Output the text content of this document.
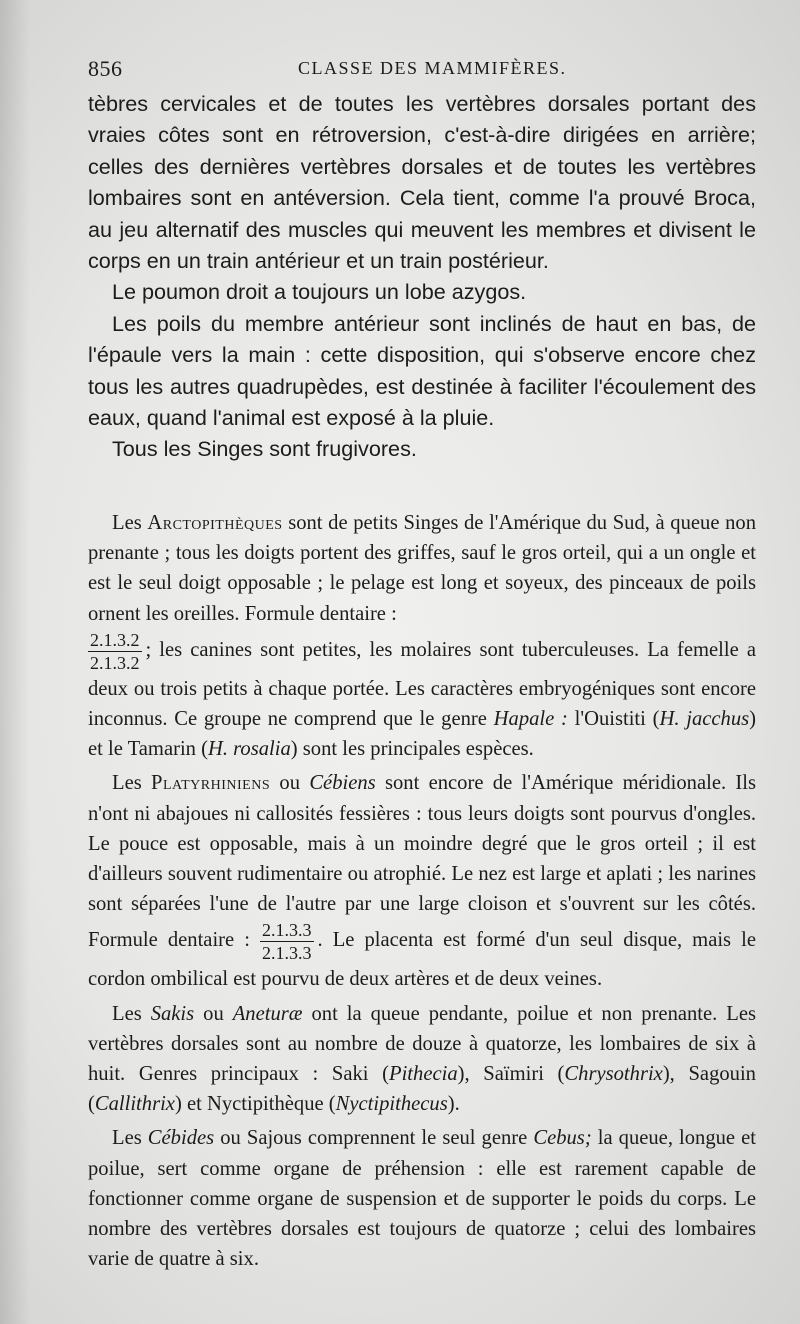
856	CLASSE DES MAMMIFÈRES.

tèbres cervicales et de toutes les vertèbres dorsales portant des vraies côtes sont en rétroversion, c'est-à-dire dirigées en arrière; celles des dernières vertèbres dorsales et de toutes les vertèbres lombaires sont en antéversion. Cela tient, comme l'a prouvé Broca, au jeu alternatif des muscles qui meuvent les membres et divisent le corps en un train antérieur et un train postérieur.

Le poumon droit a toujours un lobe azygos.

Les poils du membre antérieur sont inclinés de haut en bas, de l'épaule vers la main : cette disposition, qui s'observe encore chez tous les autres quadrupèdes, est destinée à faciliter l'écoulement des eaux, quand l'animal est exposé à la pluie.

Tous les Singes sont frugivores.

Les Arctopithèques sont de petits Singes de l'Amérique du Sud, à queue non prenante ; tous les doigts portent des griffes, sauf le gros orteil, qui a un ongle et est le seul doigt opposable ; le pelage est long et soyeux, des pinceaux de poils ornent les oreilles. Formule dentaire :

$\frac{2.1.3.2}{2.1.3.2}$ ; les canines sont petites, les molaires sont tuberculeuses. La femelle a deux ou trois petits à chaque portée. Les caractères embryogéniques sont encore inconnus. Ce groupe ne comprend que le genre Hapale : l'Ouistiti (H. jacchus) et le Tamarin (H. rosalia) sont les principales espèces.

Les Platyrhiniens ou Cébiens sont encore de l'Amérique méridionale. Ils n'ont ni abajoues ni callosités fessières : tous leurs doigts sont pourvus d'ongles. Le pouce est opposable, mais à un moindre degré que le gros orteil ; il est d'ailleurs souvent rudimentaire ou atrophié. Le nez est large et aplati ; les narines sont séparées l'une de l'autre par une large cloison et s'ouvrent sur les côtés. Formule dentaire : $\frac{2.1.3.3}{2.1.3.3}$ . Le placenta est formé d'un seul disque, mais le cordon ombilical est pourvu de deux artères et de deux veines.

Les Sakis ou Aneturæ ont la queue pendante, poilue et non prenante. Les vertèbres dorsales sont au nombre de douze à quatorze, les lombaires de six à huit. Genres principaux : Saki (Pithecia), Saïmiri (Chrysothrix), Sagouin (Callithrix) et Nyctipithèque (Nyctipithecus).

Les Cébides ou Sajous comprennent le seul genre Cebus; la queue, longue et poilue, sert comme organe de préhension : elle est rarement capable de fonctionner comme organe de suspension et de supporter le poids du corps. Le nombre des vertèbres dorsales est toujours de quatorze ; celui des lombaires varie de quatre à six.
